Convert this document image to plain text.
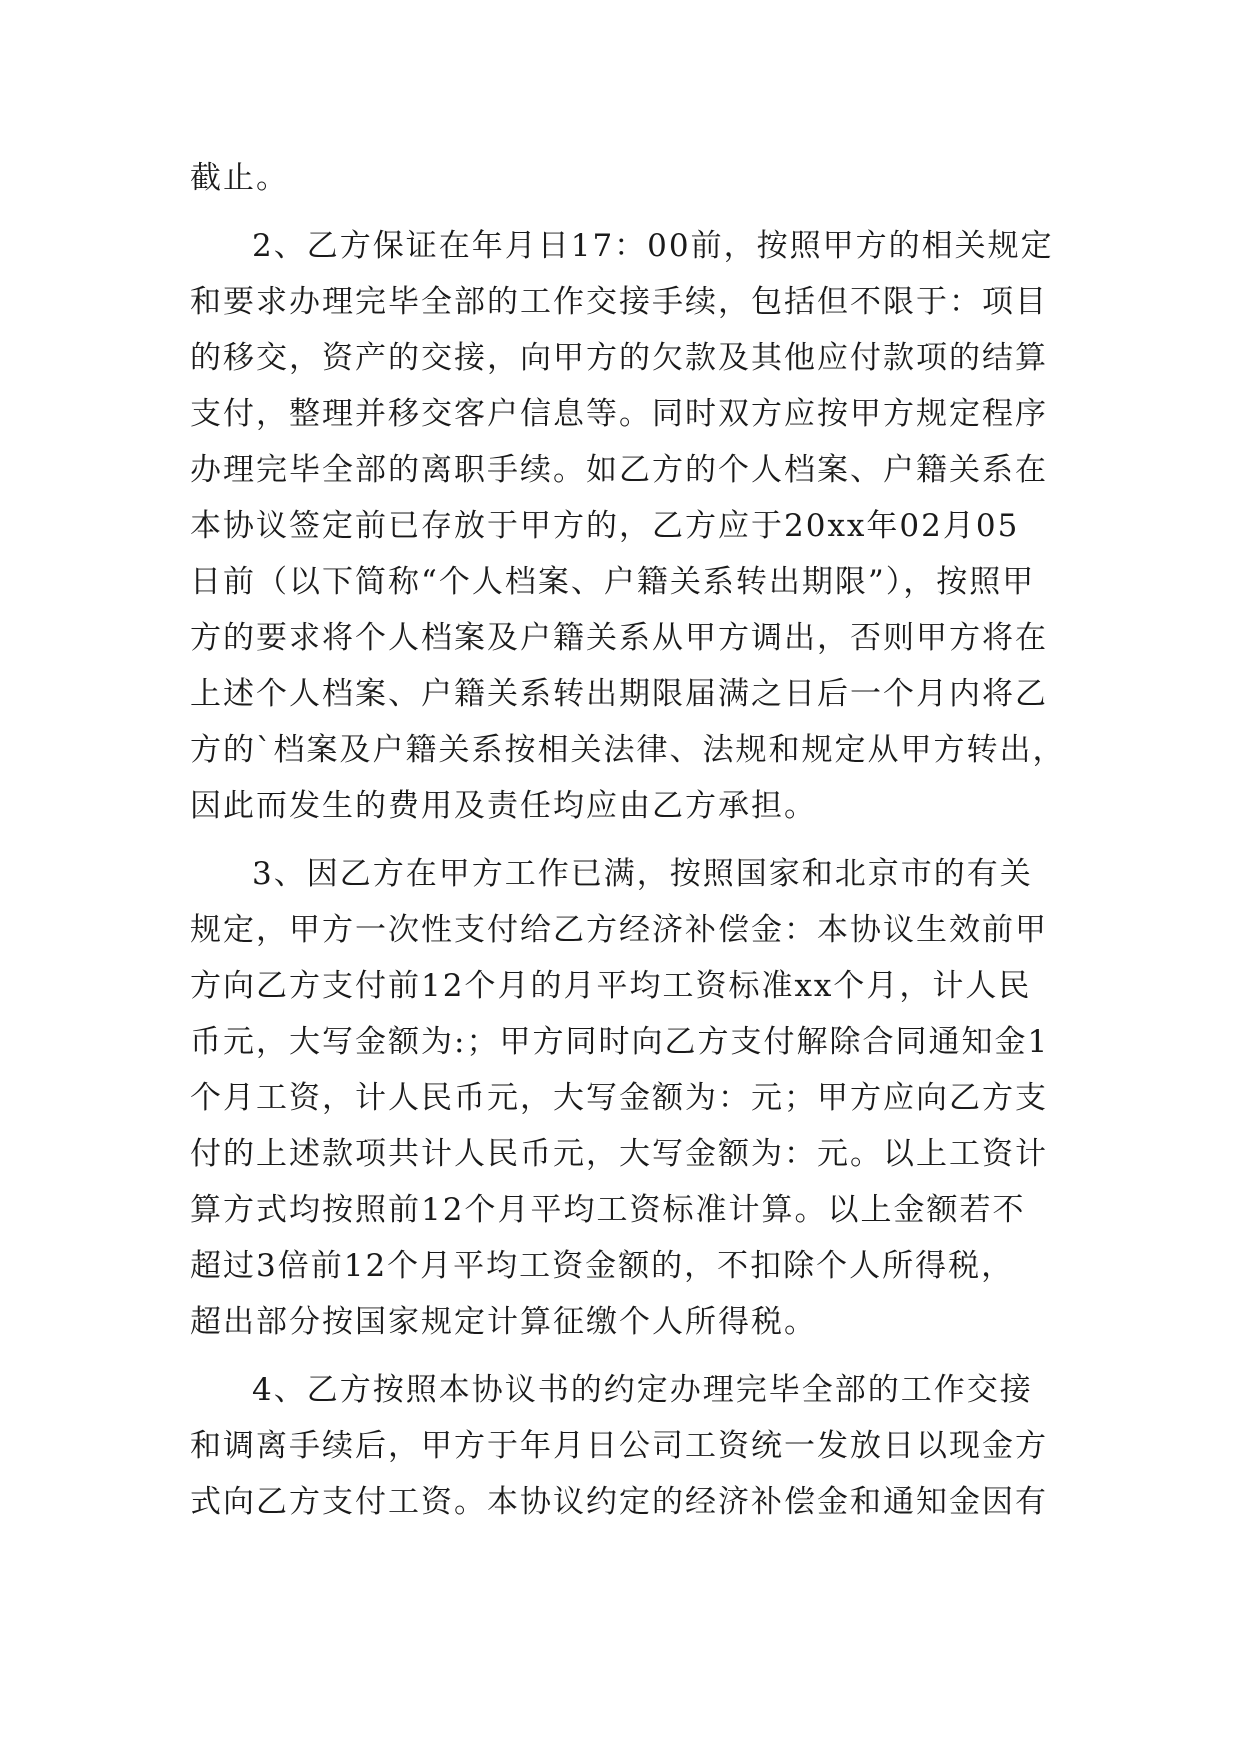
截止。
2、乙方保证在年月日17：00前，按照甲方的相关规定
和要求办理完毕全部的工作交接手续，包括但不限于：项目
的移交，资产的交接，向甲方的欠款及其他应付款项的结算
支付，整理并移交客户信息等。同时双方应按甲方规定程序
办理完毕全部的离职手续。如乙方的个人档案、户籍关系在
本协议签定前已存放于甲方的，乙方应于20xx年02月05
日前（以下简称“个人档案、户籍关系转出期限”），按照甲
方的要求将个人档案及户籍关系从甲方调出，否则甲方将在
上述个人档案、户籍关系转出期限届满之日后一个月内将乙
方的`档案及户籍关系按相关法律、法规和规定从甲方转出，
因此而发生的费用及责任均应由乙方承担。
3、因乙方在甲方工作已满，按照国家和北京市的有关
规定，甲方一次性支付给乙方经济补偿金：本协议生效前甲
方向乙方支付前12个月的月平均工资标准xx个月，计人民
币元，大写金额为:；甲方同时向乙方支付解除合同通知金1
个月工资，计人民币元，大写金额为：元；甲方应向乙方支
付的上述款项共计人民币元，大写金额为：元。以上工资计
算方式均按照前12个月平均工资标准计算。以上金额若不
超过3倍前12个月平均工资金额的，不扣除个人所得税，
超出部分按国家规定计算征缴个人所得税。
4、乙方按照本协议书的约定办理完毕全部的工作交接
和调离手续后，甲方于年月日公司工资统一发放日以现金方
式向乙方支付工资。本协议约定的经济补偿金和通知金因有
